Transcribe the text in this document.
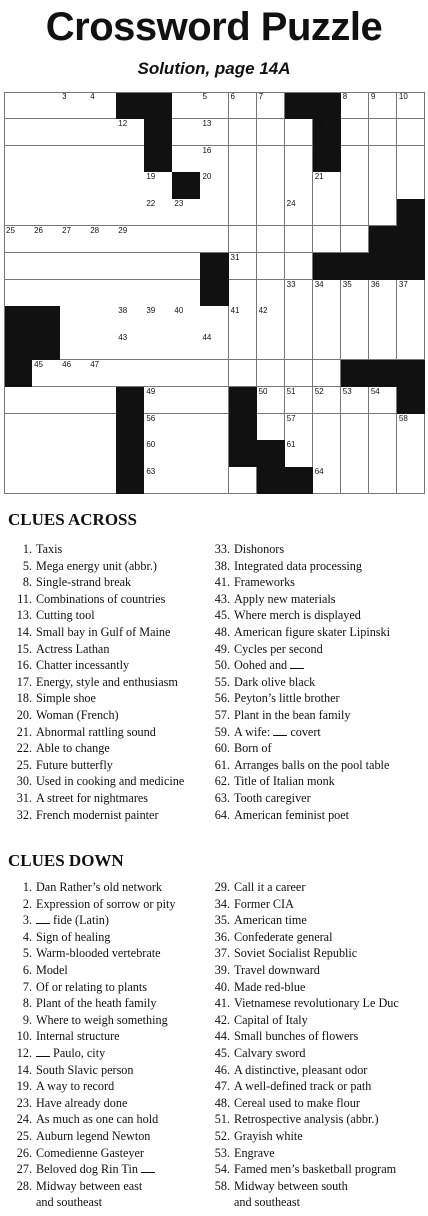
Crossword Puzzle
Solution, page 14A
3	4	5	6	7	8	9	10
12	13	14
16	17
19	20	21
22 23	24
25 26 27 28 29
31
33 34 35 36 37
38 39 40	41 42
43	44
45 46 47
49	50 51 52 53 54
56	57	58
60	61
63	64
CLUES ACROSS
1. Taxis
5. Mega energy unit (abbr.)
8. Single-strand break
11. Combinations of countries
13. Cutting tool
14. Small bay in Gulf of Maine
15. Actress Lathan
16. Chatter incessantly
17. Energy, style and enthusiasm
18. Simple shoe
20. Woman (French)
21. Abnormal rattling sound
22. Able to change
25. Future butterfly
30. Used in cooking and medicine
31. A street for nightmares
32. French modernist painter
33. Dishonors
38. Integrated data processing
41. Frameworks
43. Apply new materials
45. Where merch is displayed
48. American figure skater Lipinski
49. Cycles per second
50. Oohed and
55. Dark olive black
56. Peyton’s little brother
57. Plant in the bean family
59. A wife:  covert
60. Born of
61. Arranges balls on the pool table
62. Title of Italian monk
63. Tooth caregiver
64. American feminist poet
CLUES DOWN
1. Dan Rather’s old network
2. Expression of sorrow or pity
3.	fide (Latin)
4. Sign of healing
5. Warm-blooded vertebrate
6. Model
7. Of or relating to plants
8. Plant of the heath family
9. Where to weigh something
10. Internal structure
12.	Paulo, city
14. South Slavic person
19. A way to record
23. Have already done
24. As much as one can hold
25. Auburn legend Newton
26. Comedienne Gasteyer
27. Beloved dog Rin Tin
28. Midway between east
and southeast
29. Call it a career
34. Former CIA
35. American time
36. Confederate general
37. Soviet Socialist Republic
39. Travel downward
40. Made red-blue
41. Vietnamese revolutionary Le Duc
42. Capital of Italy
44. Small bunches of flowers
45. Calvary sword
46. A distinctive, pleasant odor
47. A well-defined track or path
48. Cereal used to make flour
51. Retrospective analysis (abbr.)
52. Grayish white
53. Engrave
54. Famed men’s basketball program
58. Midway between south
and southeast
